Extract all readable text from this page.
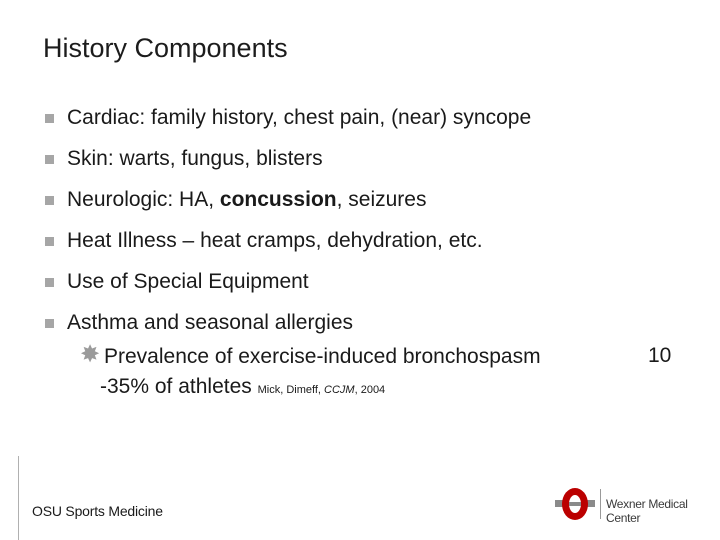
History Components
Cardiac: family history, chest pain, (near) syncope
Skin: warts, fungus, blisters
Neurologic: HA, concussion, seizures
Heat Illness – heat cramps, dehydration, etc.
Use of Special Equipment
Asthma and seasonal allergies
✸ Prevalence of exercise-induced bronchospasm
-35% of athletes Mick, Dimeff, CCJM, 2004
10
OSU Sports Medicine	Wexner Medical Center
